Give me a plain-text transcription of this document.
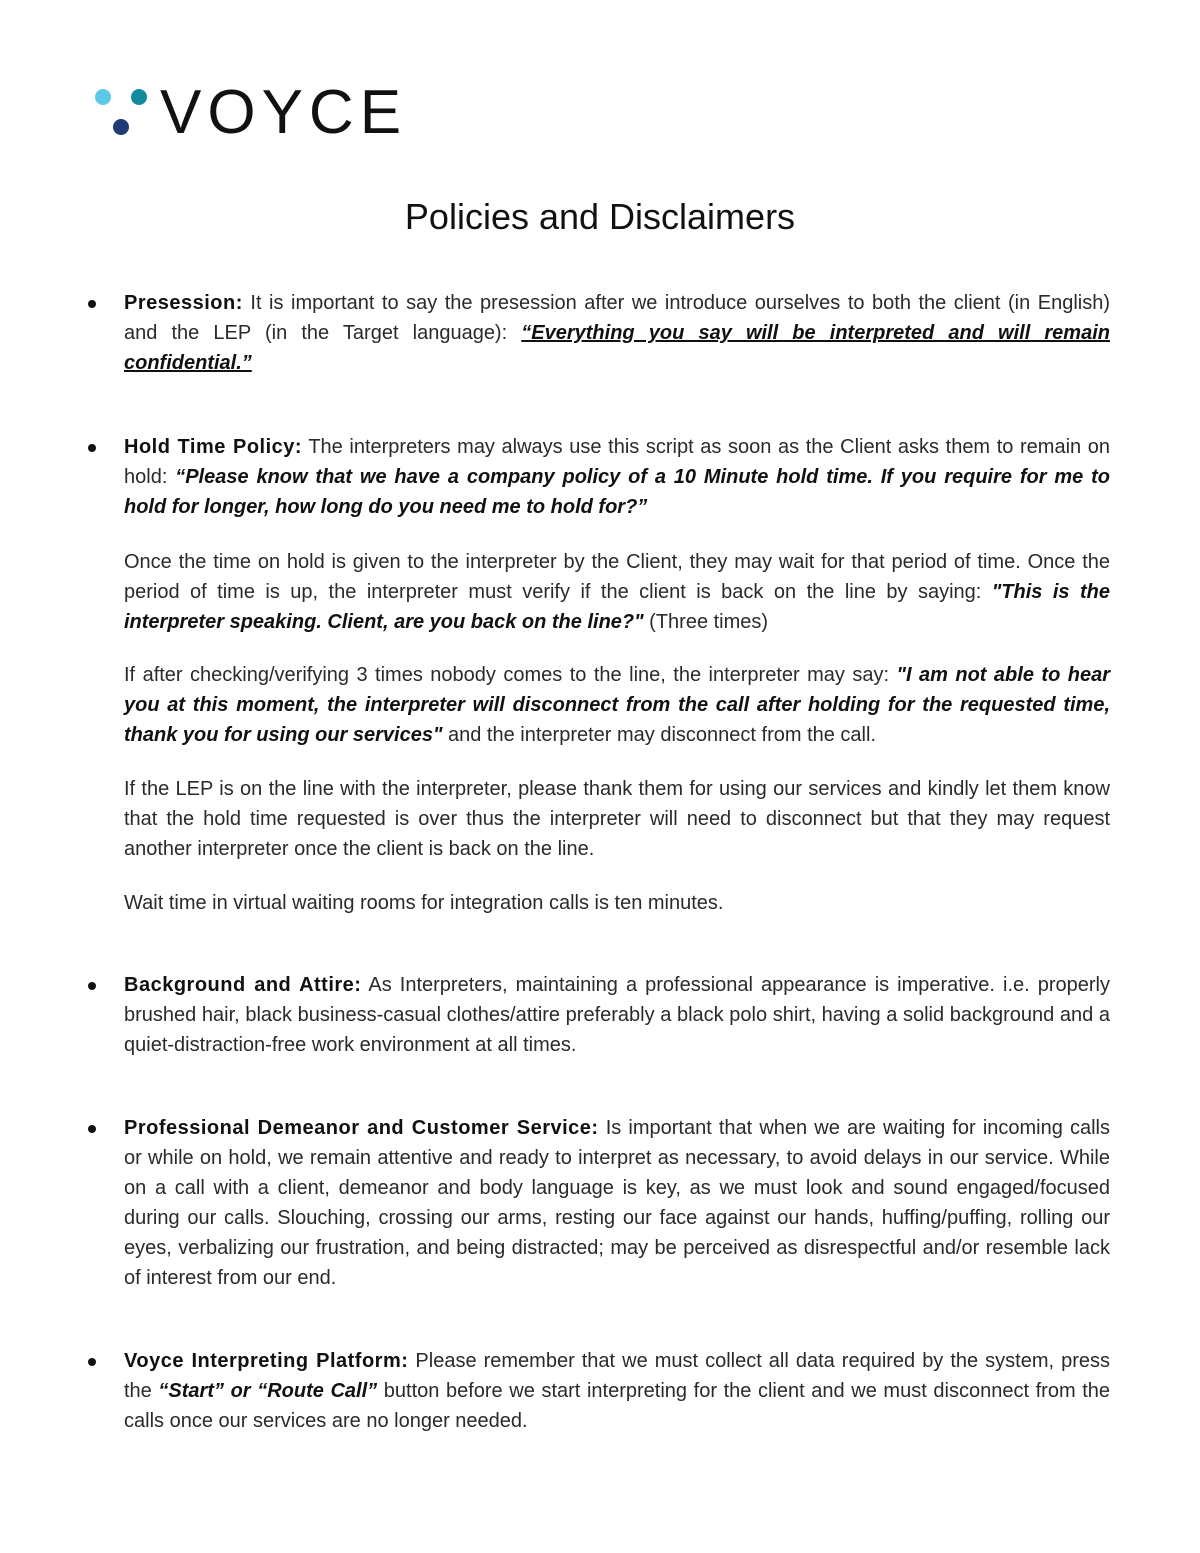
VOYCE
Policies and Disclaimers
Presession: It is important to say the presession after we introduce ourselves to both the client (in English) and the LEP (in the Target language): “Everything you say will be interpreted and will remain confidential.”
Hold Time Policy: The interpreters may always use this script as soon as the Client asks them to remain on hold: “Please know that we have a company policy of a 10 Minute hold time. If you require for me to hold for longer, how long do you need me to hold for?”
Once the time on hold is given to the interpreter by the Client, they may wait for that period of time. Once the period of time is up, the interpreter must verify if the client is back on the line by saying: "This is the interpreter speaking. Client, are you back on the line?" (Three times)
If after checking/verifying 3 times nobody comes to the line, the interpreter may say: "I am not able to hear you at this moment, the interpreter will disconnect from the call after holding for the requested time, thank you for using our services" and the interpreter may disconnect from the call.
If the LEP is on the line with the interpreter, please thank them for using our services and kindly let them know that the hold time requested is over thus the interpreter will need to disconnect but that they may request another interpreter once the client is back on the line.
Wait time in virtual waiting rooms for integration calls is ten minutes.
Background and Attire: As Interpreters, maintaining a professional appearance is imperative. i.e. properly brushed hair, black business-casual clothes/attire preferably a black polo shirt, having a solid background and a quiet-distraction-free work environment at all times.
Professional Demeanor and Customer Service: Is important that when we are waiting for incoming calls or while on hold, we remain attentive and ready to interpret as necessary, to avoid delays in our service. While on a call with a client, demeanor and body language is key, as we must look and sound engaged/focused during our calls. Slouching, crossing our arms, resting our face against our hands, huffing/puffing, rolling our eyes, verbalizing our frustration, and being distracted; may be perceived as disrespectful and/or resemble lack of interest from our end.
Voyce Interpreting Platform: Please remember that we must collect all data required by the system, press the “Start” or “Route Call” button before we start interpreting for the client and we must disconnect from the calls once our services are no longer needed.
